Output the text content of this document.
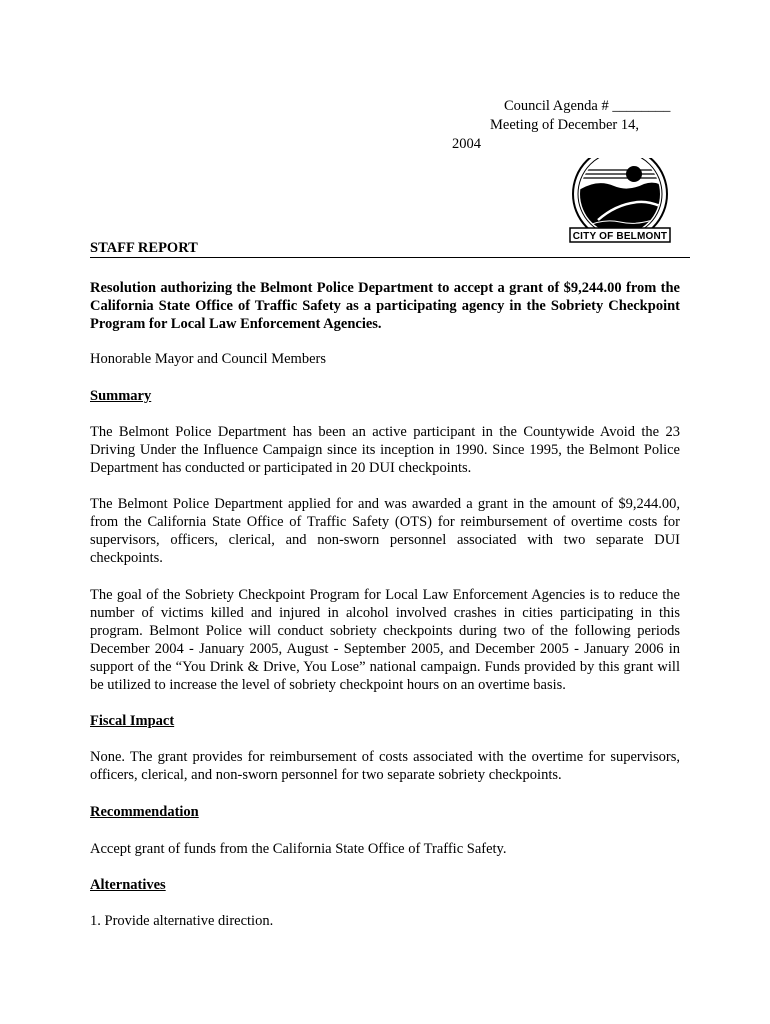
Council Agenda # ________
Meeting of December 14,
2004
CITY OF BELMONT
STAFF REPORT

Resolution authorizing the Belmont Police Department to accept a grant of $9,244.00 from the California State Office of Traffic Safety as a participating agency in the Sobriety Checkpoint Program for Local Law Enforcement Agencies.

Honorable Mayor and Council Members

Summary

The Belmont Police Department has been an active participant in the Countywide Avoid the 23 Driving Under the Influence Campaign since its inception in 1990. Since 1995, the Belmont Police Department has conducted or participated in 20 DUI checkpoints.

The Belmont Police Department applied for and was awarded a grant in the amount of $9,244.00, from the California State Office of Traffic Safety (OTS) for reimbursement of overtime costs for supervisors, officers, clerical, and non-sworn personnel associated with two separate DUI checkpoints.

The goal of the Sobriety Checkpoint Program for Local Law Enforcement Agencies is to reduce the number of victims killed and injured in alcohol involved crashes in cities participating in this program. Belmont Police will conduct sobriety checkpoints during two of the following periods December 2004 - January 2005, August - September 2005, and December 2005 - January 2006 in support of the “You Drink & Drive, You Lose” national campaign. Funds provided by this grant will be utilized to increase the level of sobriety checkpoint hours on an overtime basis.

Fiscal Impact

None. The grant provides for reimbursement of costs associated with the overtime for supervisors, officers, clerical, and non-sworn personnel for two separate sobriety checkpoints.

Recommendation

Accept grant of funds from the California State Office of Traffic Safety.

Alternatives

1. Provide alternative direction.
